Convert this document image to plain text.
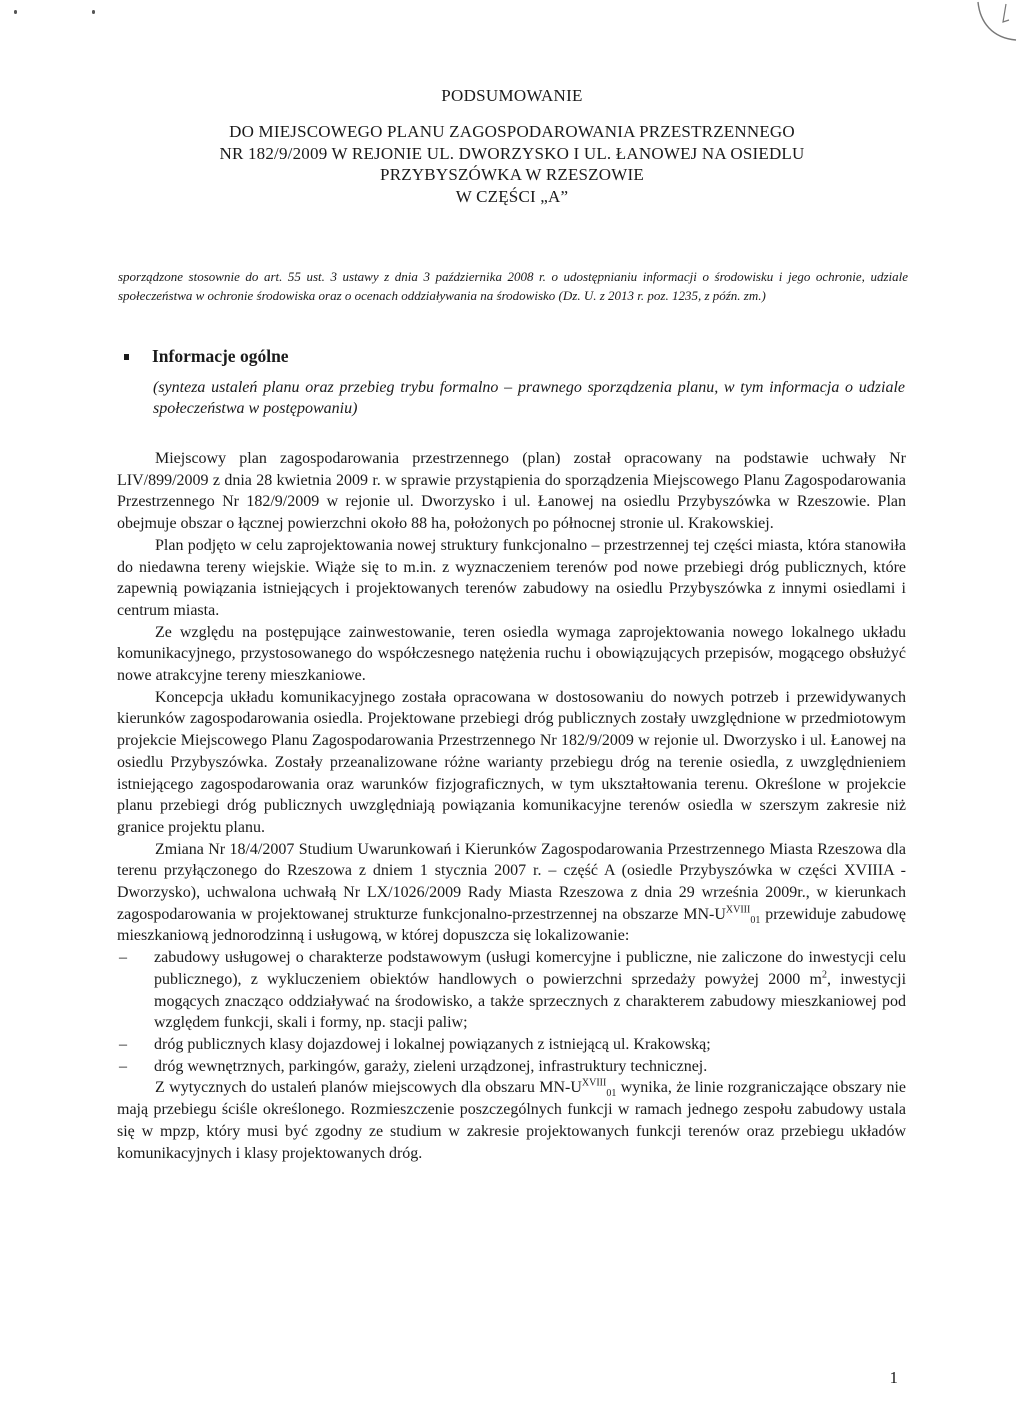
PODSUMOWANIE
DO MIEJSCOWEGO PLANU ZAGOSPODAROWANIA PRZESTRZENNEGO
NR 182/9/2009 W REJONIE UL. DWORZYSKO I UL. ŁANOWEJ NA OSIEDLU
PRZYBYSZÓWKA W RZESZOWIE
W CZĘŚCI „A”
sporządzone stosownie do art. 55 ust. 3 ustawy z dnia 3 października 2008 r. o udostępnianiu informacji o środowisku i jego ochronie, udziale społeczeństwa w ochronie środowiska oraz o ocenach oddziaływania na środowisko (Dz. U. z 2013 r. poz. 1235, z późn. zm.)
Informacje ogólne
(synteza ustaleń planu oraz przebieg trybu formalno – prawnego sporządzenia planu, w tym informacja o udziale społeczeństwa w postępowaniu)

Miejscowy plan zagospodarowania przestrzennego (plan) został opracowany na podstawie uchwały Nr LIV/899/2009 z dnia 28 kwietnia 2009 r. w sprawie przystąpienia do sporządzenia Miejscowego Planu Zagospodarowania Przestrzennego Nr 182/9/2009 w rejonie ul. Dworzysko i ul. Łanowej na osiedlu Przybyszówka w Rzeszowie. Plan obejmuje obszar o łącznej powierzchni około 88 ha, położonych po północnej stronie ul. Krakowskiej.

Plan podjęto w celu zaprojektowania nowej struktury funkcjonalno – przestrzennej tej części miasta, która stanowiła do niedawna tereny wiejskie. Wiąże się to m.in. z wyznaczeniem terenów pod nowe przebiegi dróg publicznych, które zapewnią powiązania istniejących i projektowanych terenów zabudowy na osiedlu Przybyszówka z innymi osiedlami i centrum miasta.

Ze względu na postępujące zainwestowanie, teren osiedla wymaga zaprojektowania nowego lokalnego układu komunikacyjnego, przystosowanego do współczesnego natężenia ruchu i obowiązujących przepisów, mogącego obsłużyć nowe atrakcyjne tereny mieszkaniowe.

Koncepcja układu komunikacyjnego została opracowana w dostosowaniu do nowych potrzeb i przewidywanych kierunków zagospodarowania osiedla. Projektowane przebiegi dróg publicznych zostały uwzględnione w przedmiotowym projekcie Miejscowego Planu Zagospodarowania Przestrzennego Nr 182/9/2009 w rejonie ul. Dworzysko i ul. Łanowej na osiedlu Przybyszówka. Zostały przeanalizowane różne warianty przebiegu dróg na terenie osiedla, z uwzględnieniem istniejącego zagospodarowania oraz warunków fizjograficznych, w tym ukształtowania terenu. Określone w projekcie planu przebiegi dróg publicznych uwzględniają powiązania komunikacyjne terenów osiedla w szerszym zakresie niż granice projektu planu.

Zmiana Nr 18/4/2007 Studium Uwarunkowań i Kierunków Zagospodarowania Przestrzennego Miasta Rzeszowa dla terenu przyłączonego do Rzeszowa z dniem 1 stycznia 2007 r. – część A (osiedle Przybyszówka w części XVIIIA - Dworzysko), uchwalona uchwałą Nr LX/1026/2009 Rady Miasta Rzeszowa z dnia 29 września 2009r., w kierunkach zagospodarowania w projektowanej strukturze funkcjonalno-przestrzennej na obszarze $MN-U^{XVIII}_{01}$ przewiduje zabudowę mieszkaniową jednorodzinną i usługową, w której dopuszcza się lokalizowanie:

– zabudowy usługowej o charakterze podstawowym (usługi komercyjne i publiczne, nie zaliczone do inwestycji celu publicznego), z wykluczeniem obiektów handlowych o powierzchni sprzedaży powyżej 2000 $m^2$, inwestycji mogących znacząco oddziaływać na środowisko, a także sprzecznych z charakterem zabudowy mieszkaniowej pod względem funkcji, skali i formy, np. stacji paliw;
– dróg publicznych klasy dojazdowej i lokalnej powiązanych z istniejącą ul. Krakowską;
– dróg wewnętrznych, parkingów, garaży, zieleni urządzonej, infrastruktury technicznej.

Z wytycznych do ustaleń planów miejscowych dla obszaru $MN-U^{XVIII}_{01}$ wynika, że linie rozgraniczające obszary nie mają przebiegu ściśle określonego. Rozmieszczenie poszczególnych funkcji w ramach jednego zespołu zabudowy ustala się w mpzp, który musi być zgodny ze studium w zakresie projektowanych funkcji terenów oraz przebiegu układów komunikacyjnych i klasy projektowanych dróg.

1
